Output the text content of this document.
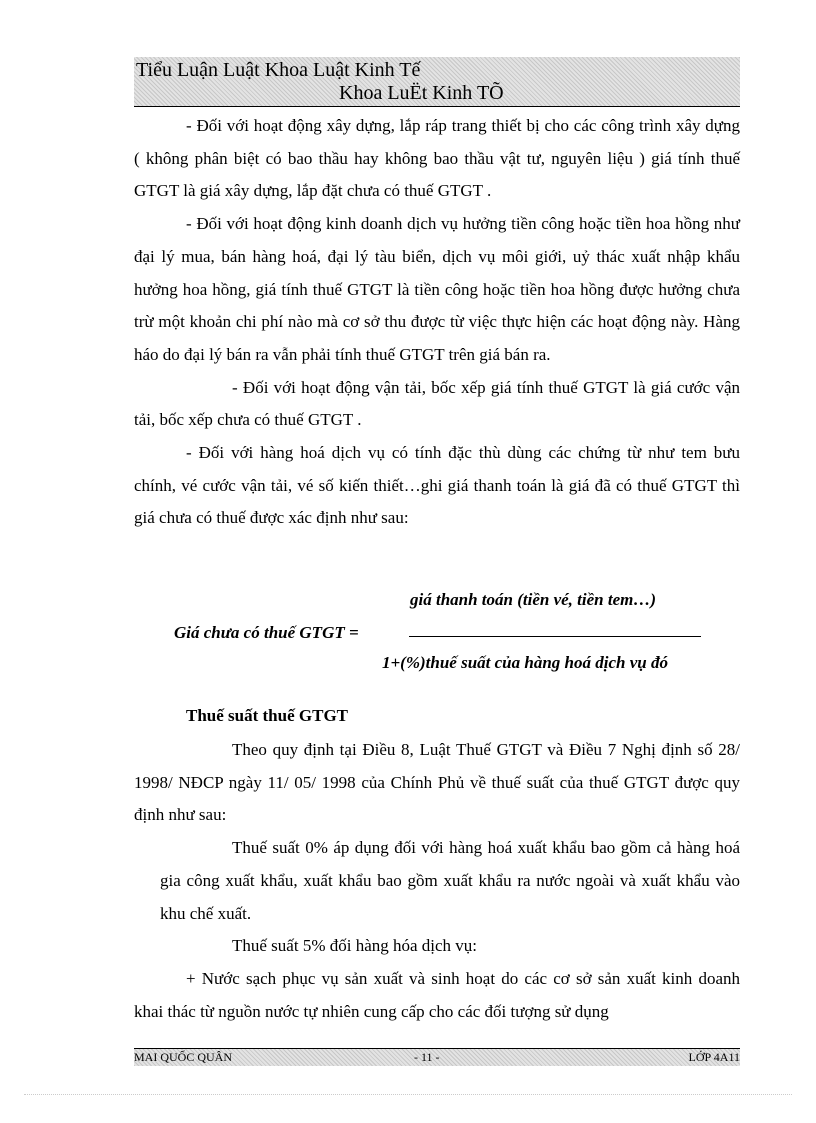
Tiểu Luận Luật Khoa Luật Kinh Tế
Khoa LuËt Kinh TÕ

- Đối với hoạt động xây dựng, lắp ráp trang thiết bị cho các công trình xây dựng ( không phân biệt có bao thầu hay không bao thầu vật tư, nguyên liệu ) giá tính thuế GTGT là giá xây dựng, lắp đặt chưa có thuế GTGT .

- Đối với hoạt động kinh doanh dịch vụ hưởng tiền công hoặc tiền hoa hồng như đại lý mua, bán hàng hoá, đại lý tàu biển, dịch vụ môi giới, uỷ thác xuất nhập khẩu hưởng hoa hồng, giá tính thuế GTGT là tiền công hoặc tiền hoa hồng được hưởng chưa trừ một khoản chi phí nào mà cơ sở thu được từ việc thực hiện các hoạt động này. Hàng háo do đại lý bán ra vẫn phải tính thuế GTGT trên giá bán ra.

- Đối với hoạt động vận tải, bốc xếp giá tính thuế GTGT là giá cước vận tải, bốc xếp chưa có thuế GTGT .

- Đối với hàng hoá dịch vụ có tính đặc thù dùng các chứng từ như tem bưu chính, vé cước vận tải, vé số kiến thiết…ghi giá thanh toán là giá đã có thuế GTGT thì giá chưa có thuế được xác định như sau:

giá thanh toán (tiền vé, tiền tem…)
Giá chưa có thuế GTGT =
1+(%)thuế suất của hàng hoá dịch vụ đó

Thuế suất thuế GTGT

Theo quy định tại Điều 8, Luật Thuế GTGT và Điều 7 Nghị định số 28/ 1998/ NĐCP ngày 11/ 05/ 1998 của Chính Phủ về thuế suất của thuế GTGT được quy định như sau:

Thuế suất 0% áp dụng đối với hàng hoá xuất khẩu bao gồm cả hàng hoá gia công xuất khẩu, xuất khẩu bao gồm xuất khẩu ra nước ngoài và xuất khẩu vào khu chế xuất.

Thuế suất 5% đối hàng hóa dịch vụ:

+ Nước sạch phục vụ sản xuất và sinh hoạt do các cơ sở sản xuất kinh doanh khai thác từ nguồn nước tự nhiên cung cấp cho các đối tượng sử dụng

MAI QUỐC QUÂN	- 11 -	LỚP 4A11
